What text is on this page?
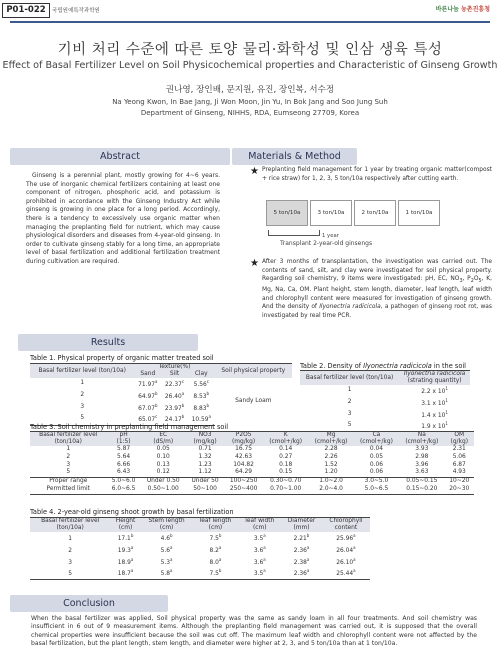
P01-022	국립원예특작과학원	바른나눔 농촌진흥청
기비 처리 수준에 따른 토양 물리·화학성 및 인삼 생육 특성
Effect of Basal Fertilizer Level on Soil Physicochemical properties and Characteristic of Ginseng Growth
권나영, 장인배, 문지원, 유진, 장인복, 서수정
Na Yeong Kwon, In Bae Jang, Ji Won Moon, Jin Yu, In Bok Jang and Soo Jung Suh
Department of Ginseng, NIHHS, RDA, Eumseong 27709, Korea
Abstract
Ginseng is a perennial plant, mostly growing for 4~6 years. The use of inorganic chemical fertilizers containing at least one component of nitrogen, phosphoric acid, and potassium is prohibited in accordance with the Ginseng Industry Act while ginseng is growing in one place for a long period. Accordingly, there is a tendency to excessively use organic matter when managing the preplanting field for nutrient, which may cause physiological disorders and diseases from 4-year-old ginseng. In order to cultivate ginseng stably for a long time, an appropriate level of basal fertilization and additional fertilization treatment during cultivation are required.
Materials & Method
★ Preplanting field management for 1 year by treating organic matter(compost + rice straw) for 1, 2, 3, 5 ton/10a respectively after cutting earth.
5 ton/10a	3 ton/10a	2 ton/10a	1 ton/10a
1 year
Transplant 2-year-old ginsengs
★ After 3 months of transplantation, the investigation was carried out. The contents of sand, silt, and clay were investigated for soil physical property. Regarding soil chemistry, 9 items were investigated: pH, EC, $NO_3$, $P_2O_5$, K, Mg, Na, Ca, OM. Plant height, stem length, diameter, leaf length, leaf width and chlorophyll content were measured for investigation of ginseng growth. And the density of Ilyonectria radicicola, a pathogen of ginseng root rot, was investigated by real time PCR.
Results
Table 1. Physical property of organic matter treated soil
Basal fertilizer level (ton/10a)	Texture(%)			Soil physical property
	Sand	Silt	Clay	
1	71.97$^a$	22.37$^c$	5.56$^c$	Sandy Loam
2	64.97$^b$	26.40$^a$	8.53$^b$
3	67.07$^b$	23.97$^b$	8.83$^b$
5	65.07$^c$	24.17$^b$	10.59$^a$
Table 2. Density of Ilyonectria radicicola in the soil
Basal fertilizer level (ton/10a)	Ilyonectria radicicola
(strating quantity)
1	2.2 x $10^1$
2	3.1 x $10^1$
3	1.4 x $10^1$
5	1.9 x $10^1$
Table 3. Soil chemistry in preplanting field management soil
Basal fertilizer level	pH	EC	NO3	P2O5	K	Mg	Ca	Na	OM
(ton/10a)	(1:5)	(dS/m)	(mg/kg)	(mg/kg)	(cmol+/kg)	(cmol+/kg)	(cmol+/kg)	(cmol+/kg)	(g/kg)
1	5.87	0.05	0.71	16.75	0.14	2.28	0.04	3.93	2.31
2	5.64	0.10	1.32	42.63	0.27	2.26	0.05	2.98	5.06
3	6.66	0.13	1.23	104.82	0.18	1.52	0.06	3.96	6.87
5	6.43	0.12	1.12	64.29	0.15	1.20	0.06	3.63	4.93
Proper range	5.0~6.0	Under 0.50	Under 50	100~250	0.30~0.70	1.0~2.0	3.0~5.0	0.05~0.15	10~20
Permitted limit	6.0~6.5	0.50~1.00	50~100	250~400	0.70~1.00	2.0~4.0	5.0~6.5	0.15~0.20	20~30
Table 4. 2-year-old ginseng shoot growth by basal fertilization
Basal fertilizer level	Height	Stem length	leaf length	leaf width	Diameter	Chlorophyll
(ton/10a)	(cm)	(cm)	(cm)	(cm)	(mm)	content
1	17.1$^b$	4.6$^b$	7.5$^b$	3.5$^a$	2.21$^b$	25.96$^a$
2	19.3$^a$	5.6$^a$	8.2$^a$	3.6$^a$	2.36$^a$	26.04$^a$
3	18.9$^a$	5.3$^a$	8.0$^a$	3.6$^a$	2.38$^a$	26.10$^a$
5	18.7$^a$	5.8$^a$	7.5$^b$	3.5$^a$	2.36$^a$	25.44$^a$
Conclusion
When the basal fertilizer was applied, Soil physical property was the same as sandy loam in all four treatments. And soil chemistry was insufficient in 6 out of 9 measurement items. Although the preplanting field management was carried out, it is supposed that the overall chemical properties were insufficient because the soil was cut off. The maximum leaf width and chlorophyll content were not affected by the basal fertilization, but the plant length, stem length, and diameter were higher at 2, 3, and 5 ton/10a than at 1 ton/10a.
